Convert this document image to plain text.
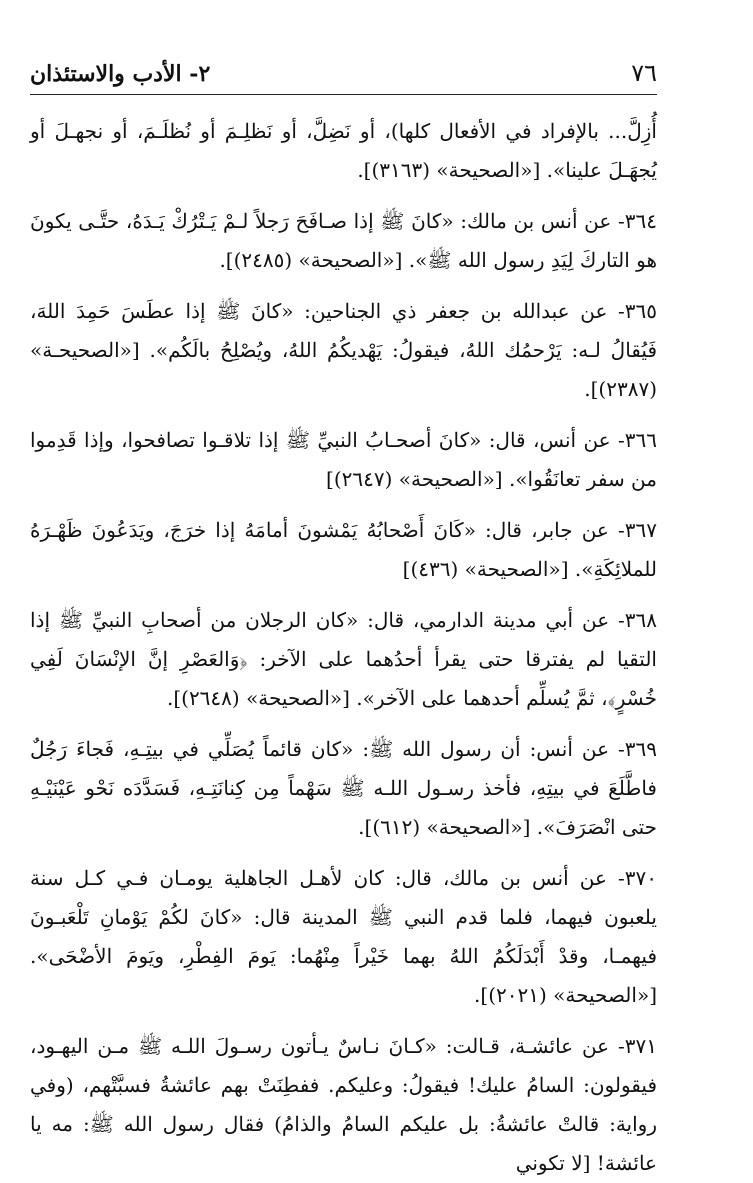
٧٦
٢- الأدب والاستئذان

أُزِلَّ... بالإفراد في الأفعال كلها)، أو نَضِلَّ، أو نَظلِـمَ أو نُظلَـمَ، أو نجهـلَ أو يُجهَـلَ علينا». [«الصحيحة» (٣١٦٣)].

٣٦٤- عن أنس بن مالك: «كانَ ﷺ إذا صـافَحَ رَجلاً لـمْ يَـتْرُكْ يَـدَهُ، حتَّـى يكونَ هو التاركَ لِيَدِ رسول الله ﷺ». [«الصحيحة» (٢٤٨٥)].

٣٦٥- عن عبدالله بن جعفر ذي الجناحين: «كانَ ﷺ إذا عطَسَ حَمِدَ اللهَ، فَيُقالُ لـه: يَرْحمُك اللهُ، فيقولُ: يَهْديكُمُ اللهُ، ويُصْلِحُ بالَكُم». [«الصحيحـة» (٢٣٨٧)].

٣٦٦- عن أنس، قال: «كانَ أصحـابُ النبيِّ ﷺ إذا تلاقـوا تصافحوا، وإذا قَدِموا من سفر تعانَقُوا». [«الصحيحة» (٢٦٤٧)]

٣٦٧- عن جابر، قال: «كَانَ أَصْحابُهُ يَمْشونَ أمامَهُ إذا خرَجَ، ويَدَعُونَ ظَهْـرَهُ للملائِكَةِ». [«الصحيحة» (٤٣٦)]

٣٦٨- عن أبي مدينة الدارمي، قال: «كان الرجلان من أصحابِ النبيِّ ﷺ إذا التقيا لم يفترقا حتى يقرأ أحدُهما على الآخر: ﴿وَالعَصْرِ إنَّ الإنْسَانَ لَفِي خُسْرٍ﴾، ثمَّ يُسلِّم أحدهما على الآخر». [«الصحيحة» (٢٦٤٨)].

٣٦٩- عن أنس: أن رسول الله ﷺ: «كان قائماً يُصَلِّي في بيتِـهِ، فَجاءَ رَجُلٌ فاطَّلَعَ في بيتِهِ، فأخذ رسـول اللـه ﷺ سَهْماً مِن كِنانَتِـهِ، فَسَدَّدَه نَحْو عَيْنَيْـهِ حتى انْصَرَفَ». [«الصحيحة» (٦١٢)].

٣٧٠- عن أنس بن مالك، قال: كان لأهـل الجاهلية يومـان فـي كـل سنة يلعبون فيهما، فلما قدم النبي ﷺ المدينة قال: «كانَ لكُمْ يَوْمانِ تَلْعَبـونَ فيهمـا، وقدْ أَبْدَلَكُمُ اللهُ بهما خَيْراً مِنْهُما: يَومَ الفِطْرِ، ويَومَ الأضْحَى». [«الصحيحة» (٢٠٢١)].

٣٧١- عن عائشـة، قـالت: «كـانَ نـاسٌ يـأتون رسـولَ اللـه ﷺ مـن اليهـود، فيقولون: السامُ عليك! فيقولُ: وعليكم. ففطِنَتْ بهم عائشةُ فسبَّتْهم، (وفي رواية: قالتْ عائشةُ: بل عليكم السامُ والذامُ) فقال رسول الله ﷺ: مه يا عائشة! [لا تكوني
